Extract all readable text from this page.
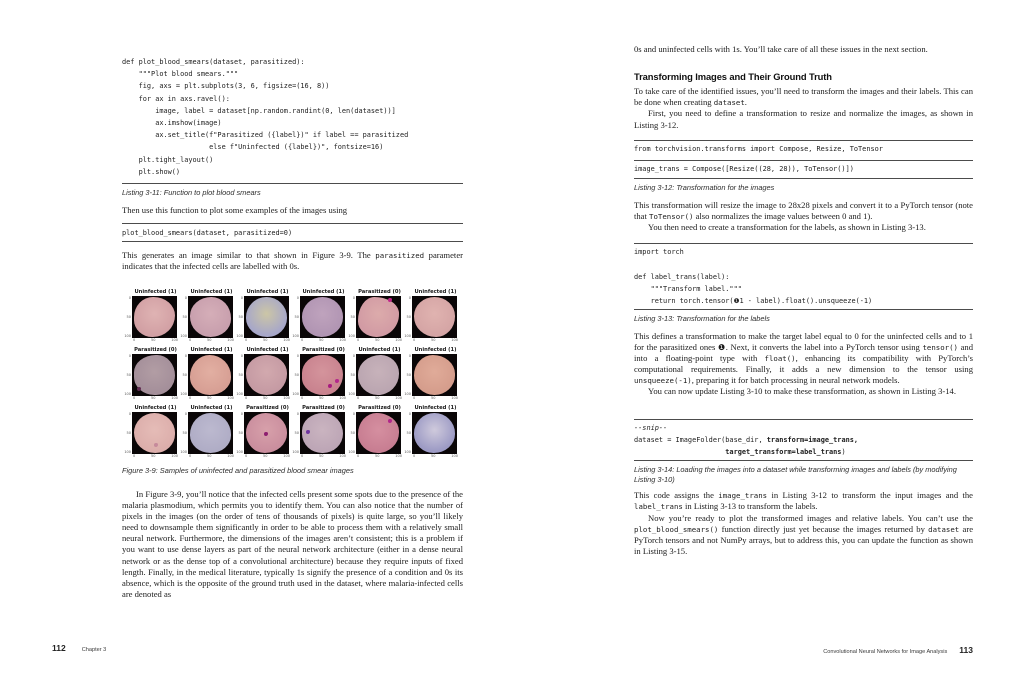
def plot_blood_smears(dataset, parasitized):
"""Plot blood smears."""
fig, axs = plt.subplots(3, 6, figsize=(16, 8))
for ax in axs.ravel():
image, label = dataset[np.random.randint(0, len(dataset))]
ax.imshow(image)
ax.set_title(f"Parasitized ({label})" if label == parasitized
else f"Uninfected ({label})", fontsize=16)
plt.tight_layout()
plt.show()

Listing 3-11: Function to plot blood smears

Then use this function to plot some examples of the images using

plot_blood_smears(dataset, parasitized=0)

This generates an image similar to that shown in Figure 3-9. The parasitized parameter indicates that the infected cells are labelled with 0s.

Uninfected (1)
0
50
100
0	50	100
Uninfected (1)
0
50
100
0	50	100
Uninfected (1)
0
50
100
0	50	100
Uninfected (1)
0
50
100
0	50	100
Parasitized (0)
0
50
100
0	50	100
Uninfected (1)
0
50
100
0	50	100
Parasitized (0)
0
50
100
0	50	100
Uninfected (1)
0
50
100
0	50	100
Uninfected (1)
0
50
100
0	50	100
Parasitized (0)
0
50
100
0	50	100
Uninfected (1)
0
50
100
0	50	100
Uninfected (1)
0
50
100
0	50	100
Uninfected (1)
0
50
100
0	50	100
Uninfected (1)
0
50
100
0	50	100
Parasitized (0)
0
50
100
0	50	100
Parasitized (0)
0
50
100
0	50	100
Parasitized (0)
0
50
100
0	50	100
Uninfected (1)
0
50
100
0	50	100
Figure 3-9: Samples of uninfected and parasitized blood smear images

In Figure 3-9, you’ll notice that the infected cells present some spots due to the presence of the malaria plasmodium, which permits you to identify them. You can also notice that the number of pixels in the images (on the order of tens of thousands of pixels) is quite large, so you’ll likely need to downsample them significantly in order to be able to process them with a relatively small neural network. Furthermore, the dimensions of the images aren’t consistent; this is a problem if you want to use dense layers as part of the neural network architecture (either in a dense neural network or as the dense top of a convolutional architecture) because they require inputs of fixed length. Finally, in the medical literature, typically 1s signify the presence of a condition and 0s its absence, which is the opposite of the ground truth used in the dataset, where malaria-infected cells are denoted as

0s and uninfected cells with 1s. You’ll take care of all these issues in the next section.

Transforming Images and Their Ground Truth

To take care of the identified issues, you’ll need to transform the images and their labels. This can be done when creating dataset.

First, you need to define a transformation to resize and normalize the images, as shown in Listing 3-12.

from torchvision.transforms import Compose, Resize, ToTensor

image_trans = Compose([Resize((28, 28)), ToTensor()])

Listing 3-12: Transformation for the images

This transformation will resize the image to 28x28 pixels and convert it to a PyTorch tensor (note that ToTensor() also normalizes the image values between 0 and 1).

You then need to create a transformation for the labels, as shown in Listing 3-13.

import torch

def label_trans(label):
"""Transform label."""
return torch.tensor(❶1 - label).float().unsqueeze(-1)

Listing 3-13: Transformation for the labels

This defines a transformation to make the target label equal to 0 for the uninfected cells and to 1 for the parasitized ones ❶. Next, it converts the label into a PyTorch tensor using tensor() and into a floating-point type with float(), enhancing its compatibility with PyTorch’s computational requirements. Finally, it adds a new dimension to the tensor using unsqueeze(-1), preparing it for batch processing in neural network models.

You can now update Listing 3-10 to make these transformation, as shown in Listing 3-14.

--snip--
dataset = ImageFolder(base_dir, transform=image_trans,
target_transform=label_trans)

Listing 3-14: Loading the images into a dataset while transforming images and labels (by modifying Listing 3-10)

This code assigns the image_trans in Listing 3-12 to transform the input images and the label_trans in Listing 3-13 to transform the labels.

Now you’re ready to plot the transformed images and relative labels. You can’t use the plot_blood_smears() function directly just yet because the images returned by dataset are PyTorch tensors and not NumPy arrays, but to address this, you can update the function as shown in Listing 3-15.

112	Chapter 3	Convolutional Neural Networks for Image Analysis 113
